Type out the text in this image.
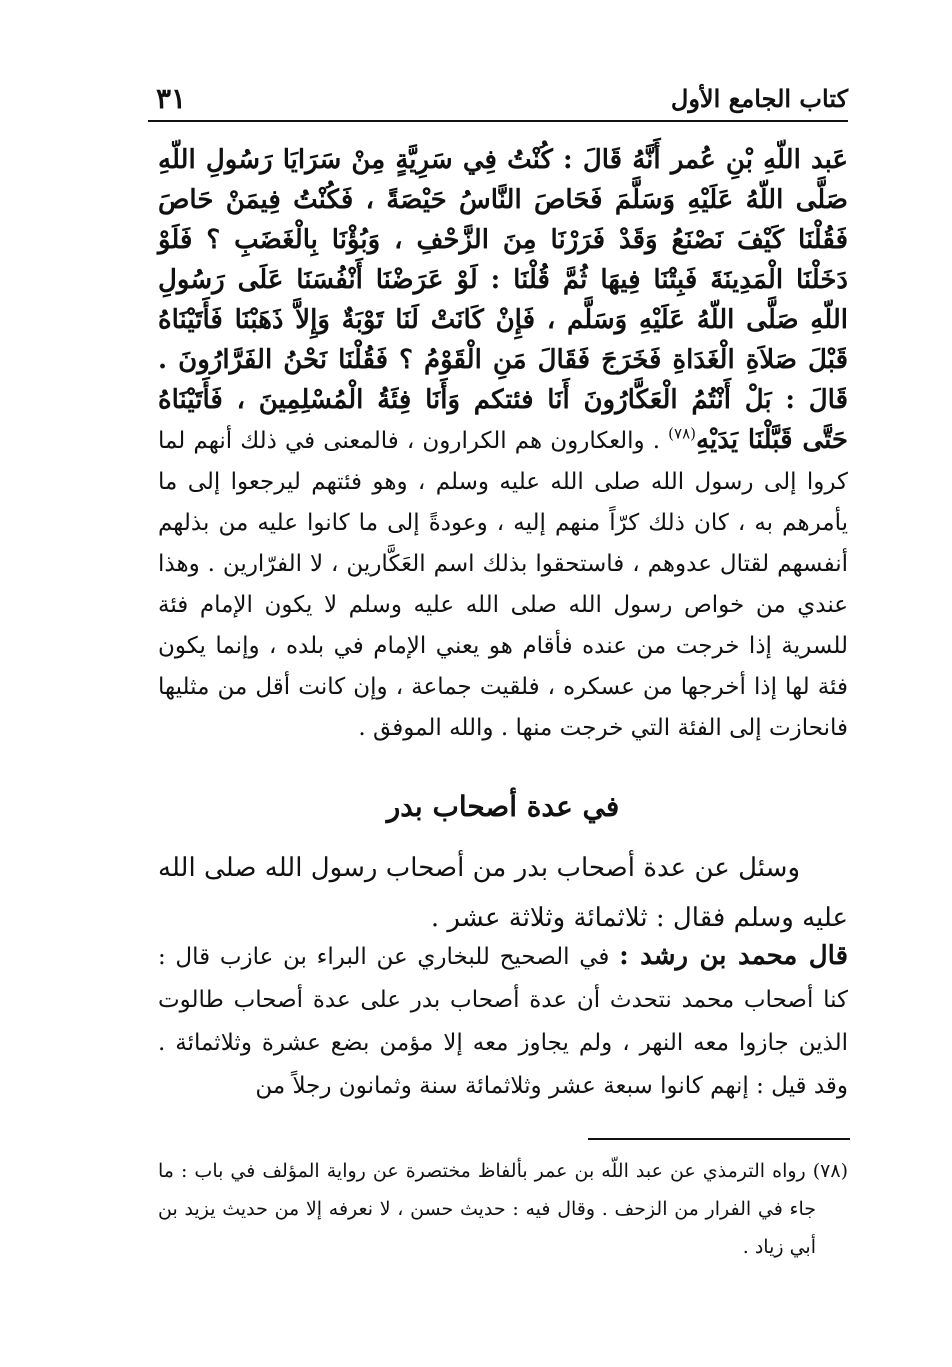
كتاب الجامع الأول
٣١

عَبد اللّهِ بْنِ عُمر أَنَّهُ قَالَ : كُنْتُ فِي سَرِيَّةٍ مِنْ سَرَايَا رَسُولِ اللّهِ صَلَّى اللّهُ عَلَيْهِ وَسَلَّمَ فَحَاصَ النَّاسُ حَيْصَةً ، فَكُنْتُ فِيمَنْ حَاصَ فَقُلْنَا كَيْفَ نَصْنَعُ وَقَدْ فَرَرْنَا مِنَ الزَّحْفِ ، وَبُؤْنَا بِالْغَضَبِ ؟ فَلَوْ دَخَلْنَا الْمَدِينَةَ فَبِتْنَا فِيهَا ثُمَّ قُلْنَا : لَوْ عَرَضْنَا أَنْفُسَنَا عَلَى رَسُولِ اللّهِ صَلَّى اللّهُ عَلَيْهِ وَسَلَّم ، فَإِنْ كَانَتْ لَنَا تَوْبَةٌ وَإِلاَّ ذَهَبْنَا فَأَتَيْنَاهُ قَبْلَ صَلاَةِ الْغَدَاةِ فَخَرَجَ فَقَالَ مَنِ الْقَوْمُ ؟ فَقُلْنَا نَحْنُ الفَرَّارُونَ . قَالَ : بَلْ أَنْتُمُ الْعَكَّارُونَ أَنَا فئتكم وَأَنَا فِئَةُ الْمُسْلِمِينَ ، فَأَتَيْنَاهُ حَتَّى قَبَّلْنَا يَدَيْهِ$^{(٧٨)}$ . والعكارون هم الكرارون ، فالمعنى في ذلك أنهم لما كروا إلى رسول الله صلى الله عليه وسلم ، وهو فئتهم ليرجعوا إلى ما يأمرهم به ، كان ذلك كرّاً منهم إليه ، وعودةً إلى ما كانوا عليه من بذلهم أنفسهم لقتال عدوهم ، فاستحقوا بذلك اسم العَكَّارين ، لا الفرّارين . وهذا عندي من خواص رسول الله صلى الله عليه وسلم لا يكون الإمام فئة للسرية إذا خرجت من عنده فأقام هو يعني الإمام في بلده ، وإنما يكون فئة لها إذا أخرجها من عسكره ، فلقيت جماعة ، وإن كانت أقل من مثليها فانحازت إلى الفئة التي خرجت منها . والله الموفق .

في عدة أصحاب بدر

وسئل عن عدة أصحاب بدر من أصحاب رسول الله صلى الله عليه وسلم فقال : ثلاثمائة وثلاثة عشر .

قال محمد بن رشد : في الصحيح للبخاري عن البراء بن عازب قال : كنا أصحاب محمد نتحدث أن عدة أصحاب بدر على عدة أصحاب طالوت الذين جازوا معه النهر ، ولم يجاوز معه إلا مؤمن بضع عشرة وثلاثمائة . وقد قيل : إنهم كانوا سبعة عشر وثلاثمائة سنة وثمانون رجلاً من

(٧٨) رواه الترمذي عن عبد اللّه بن عمر بألفاظ مختصرة عن رواية المؤلف في باب : ما جاء في الفرار من الزحف . وقال فيه : حديث حسن ، لا نعرفه إلا من حديث يزيد بن أبي زياد .
